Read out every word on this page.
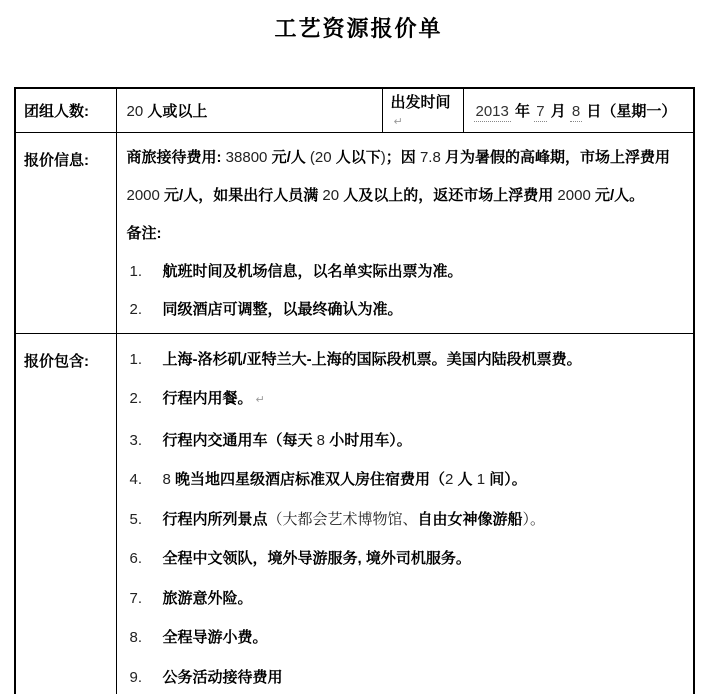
工艺资源报价单
团组人数:	20 人或以上	出发时间↵	2013 年 7 月 8 日（星期一）
报价信息:	商旅接待费用: 38800 元/人 (20 人以下)；因 7.8 月为暑假的高峰期，市场上浮费用 2000 元/人，如果出行人员满 20 人及以上的，返还市场上浮费用 2000 元/人。

备注:

1.	航班时间及机场信息，以名单实际出票为准。
2.	同级酒店可调整，以最终确认为准。

报价包含:	1.	上海-洛杉矶/亚特兰大-上海的国际段机票。美国内陆段机票费。
2.	行程内用餐。 ↵
3.	行程内交通用车（每天 8 小时用车）。
4.	8 晚当地四星级酒店标准双人房住宿费用（2 人 1 间）。
5.	行程内所列景点（大都会艺术博物馆、自由女神像游船）。
6.	全程中文领队，境外导游服务, 境外司机服务。
7.	旅游意外险。
8.	全程导游小费。
9.	公务活动接待费用
